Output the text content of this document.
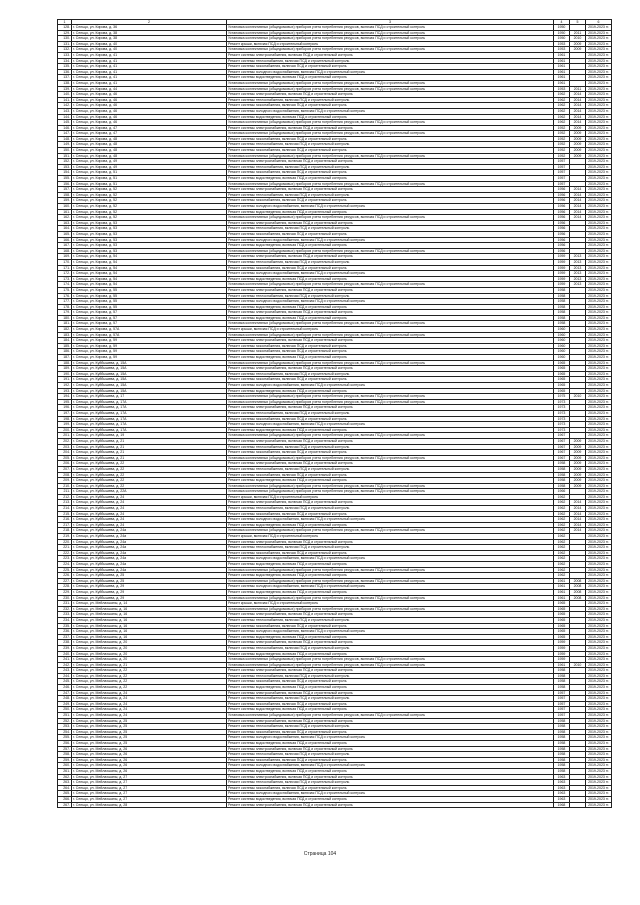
1	2	3	4	5	6
128.	г. Сельцо, ул. Кирова, д. 36	Установка коллективных (общедомовых) приборов учета потребления ресурсов, включая ПСД и строительный контроль	1950		2019-2023 гг.
129.	г. Сельцо, ул. Кирова, д. 38	Установка коллективных (общедомовых) приборов учета потребления ресурсов, включая ПСД и строительный контроль	1950	2011	2019-2023 гг.
130.	г. Сельцо, ул. Кирова, д. 38	Установка коллективных (общедомовых) приборов учета потребления ресурсов, включая ПСД и строительный контроль	1950	2010	2019-2023 гг.
131.	г. Сельцо, ул. Кирова, д. 40	Ремонт крыши, включая ПСД и строительный контроль	1953	2009	2019-2023 гг.
132.	г. Сельцо, ул. Кирова, д. 40	Установка коллективных (общедомовых) приборов учета потребления ресурсов, включая ПСД и строительный контроль	1953	2009	2019-2023 гг.
133.	г. Сельцо, ул. Кирова, д. 41	Ремонт системы электроснабжения, включая ПСД и строительный контроль	1961		2019-2023 гг.
134.	г. Сельцо, ул. Кирова, д. 41	Ремонт системы теплоснабжения, включая ПСД и строительный контроль	1961		2019-2023 гг.
135.	г. Сельцо, ул. Кирова, д. 41	Ремонт системы газоснабжения, включая ПСД и строительный контроль	1961		2019-2023 гг.
136.	г. Сельцо, ул. Кирова, д. 41	Ремонт системы холодного водоснабжения, включая ПСД и строительный контроль	1961		2019-2023 гг.
137.	г. Сельцо, ул. Кирова, д. 41	Ремонт системы водоотведения, включая ПСД и строительный контроль	1961		2019-2023 гг.
138.	г. Сельцо, ул. Кирова, д. 41	Установка коллективных (общедомовых) приборов учета потребления ресурсов, включая ПСД и строительный контроль	1961		2019-2023 гг.
139.	г. Сельцо, ул. Кирова, д. 44	Установка коллективных (общедомовых) приборов учета потребления ресурсов, включая ПСД и строительный контроль	1953	2011	2019-2023 гг.
140.	г. Сельцо, ул. Кирова, д. 46	Ремонт системы электроснабжения, включая ПСД и строительный контроль	1962	2014	2019-2023 гг.
141.	г. Сельцо, ул. Кирова, д. 46	Ремонт системы теплоснабжения, включая ПСД и строительный контроль	1962	2014	2019-2023 гг.
142.	г. Сельцо, ул. Кирова, д. 46	Ремонт системы газоснабжения, включая ПСД и строительный контроль	1962	2014	2019-2023 гг.
143.	г. Сельцо, ул. Кирова, д. 46	Ремонт системы холодного водоснабжения, включая ПСД и строительный контроль	1962	2014	2019-2023 гг.
144.	г. Сельцо, ул. Кирова, д. 46	Ремонт системы водоотведения, включая ПСД и строительный контроль	1962	2014	2019-2023 гг.
145.	г. Сельцо, ул. Кирова, д. 46	Установка коллективных (общедомовых) приборов учета потребления ресурсов, включая ПСД и строительный контроль	1962	2014	2019-2023 гг.
146.	г. Сельцо, ул. Кирова, д. 47	Ремонт системы электроснабжения, включая ПСД и строительный контроль	1952	2009	2019-2023 гг.
147.	г. Сельцо, ул. Кирова, д. 47	Установка коллективных (общедомовых) приборов учета потребления ресурсов, включая ПСД и строительный контроль	1952	2009	2019-2023 гг.
148.	г. Сельцо, ул. Кирова, д. 48	Ремонт системы газоснабжения, включая ПСД и строительный контроль	1952	2009	2019-2023 гг.
149.	г. Сельцо, ул. Кирова, д. 48	Ремонт системы теплоснабжения, включая ПСД и строительный контроль	1952	2009	2019-2023 гг.
150.	г. Сельцо, ул. Кирова, д. 48	Ремонт системы газоснабжения, включая ПСД и строительный контроль	1952	2009	2019-2023 гг.
151.	г. Сельцо, ул. Кирова, д. 48	Установка коллективных (общедомовых) приборов учета потребления ресурсов, включая ПСД и строительный контроль	1952	2009	2019-2023 гг.
152.	г. Сельцо, ул. Кирова, д. 49	Ремонт системы электроснабжения, включая ПСД и строительный контроль	1957		2019-2023 гг.
153.	г. Сельцо, ул. Кирова, д. 49	Ремонт системы теплоснабжения, включая ПСД и строительный контроль	1957		2019-2023 гг.
154.	г. Сельцо, ул. Кирова, д. 51	Ремонт системы газоснабжения, включая ПСД и строительный контроль	1957		2019-2023 гг.
155.	г. Сельцо, ул. Кирова, д. 51	Ремонт системы водоотведения, включая ПСД и строительный контроль	1957		2019-2023 гг.
156.	г. Сельцо, ул. Кирова, д. 51	Установка коллективных (общедомовых) приборов учета потребления ресурсов, включая ПСД и строительный контроль	1957		2019-2023 гг.
157.	г. Сельцо, ул. Кирова, д. 52	Ремонт системы электроснабжения, включая ПСД и строительный контроль	1956	2014	2019-2023 гг.
158.	г. Сельцо, ул. Кирова, д. 52	Ремонт системы теплоснабжения, включая ПСД и строительный контроль	1956	2014	2019-2023 гг.
159.	г. Сельцо, ул. Кирова, д. 52	Ремонт системы газоснабжения, включая ПСД и строительный контроль	1956	2014	2019-2023 гг.
160.	г. Сельцо, ул. Кирова, д. 52	Ремонт системы холодного водоснабжения, включая ПСД и строительный контроль	1956	2014	2019-2023 гг.
161.	г. Сельцо, ул. Кирова, д. 52	Ремонт системы водоотведения, включая ПСД и строительный контроль	1956	2014	2019-2023 гг.
162.	г. Сельцо, ул. Кирова, д. 52	Установка коллективных (общедомовых) приборов учета потребления ресурсов, включая ПСД и строительный контроль	1956	2014	2019-2023 гг.
163.	г. Сельцо, ул. Кирова, д. 53	Ремонт системы электроснабжения, включая ПСД и строительный контроль	1956		2019-2023 гг.
164.	г. Сельцо, ул. Кирова, д. 53	Ремонт системы теплоснабжения, включая ПСД и строительный контроль	1956		2019-2023 гг.
165.	г. Сельцо, ул. Кирова, д. 53	Ремонт системы газоснабжения, включая ПСД и строительный контроль	1956		2019-2023 гг.
166.	г. Сельцо, ул. Кирова, д. 53	Ремонт системы холодного водоснабжения, включая ПСД и строительный контроль	1956		2019-2023 гг.
167.	г. Сельцо, ул. Кирова, д. 53	Ремонт системы водоотведения, включая ПСД и строительный контроль	1956		2019-2023 гг.
168.	г. Сельцо, ул. Кирова, д. 53	Установка коллективных (общедомовых) приборов учета потребления ресурсов, включая ПСД и строительный контроль	1956		2019-2023 гг.
169.	г. Сельцо, ул. Кирова, д. 54	Ремонт системы электроснабжения, включая ПСД и строительный контроль	1959	2013	2019-2023 гг.
170.	г. Сельцо, ул. Кирова, д. 54	Ремонт системы теплоснабжения, включая ПСД и строительный контроль	1959	2013	2019-2023 гг.
171.	г. Сельцо, ул. Кирова, д. 54	Ремонт системы газоснабжения, включая ПСД и строительный контроль	1959	2013	2019-2023 гг.
172.	г. Сельцо, ул. Кирова, д. 54	Ремонт системы холодного водоснабжения, включая ПСД и строительный контроль	1959	2013	2019-2023 гг.
173.	г. Сельцо, ул. Кирова, д. 54	Ремонт системы водоотведения, включая ПСД и строительный контроль	1959	2013	2019-2023 гг.
174.	г. Сельцо, ул. Кирова, д. 54	Установка коллективных (общедомовых) приборов учета потребления ресурсов, включая ПСД и строительный контроль	1959	2013	2019-2023 гг.
175.	г. Сельцо, ул. Кирова, д. 55	Ремонт системы электроснабжения, включая ПСД и строительный контроль	1958		2019-2023 гг.
176.	г. Сельцо, ул. Кирова, д. 55	Ремонт системы теплоснабжения, включая ПСД и строительный контроль	1958		2019-2023 гг.
177.	г. Сельцо, ул. Кирова, д. 55	Ремонт системы холодного водоснабжения, включая ПСД и строительный контроль	1958		2019-2023 гг.
178.	г. Сельцо, ул. Кирова, д. 55	Ремонт системы водоотведения, включая ПСД и строительный контроль	1958		2019-2023 гг.
179.	г. Сельцо, ул. Кирова, д. 57	Ремонт системы электроснабжения, включая ПСД и строительный контроль	1958		2019-2023 гг.
180.	г. Сельцо, ул. Кирова, д. 57	Ремонт системы водоотведения, включая ПСД и строительный контроль	1958		2019-2023 гг.
181.	г. Сельцо, ул. Кирова, д. 57	Установка коллективных (общедомовых) приборов учета потребления ресурсов, включая ПСД и строительный контроль	1958		2019-2023 гг.
182.	г. Сельцо, ул. Кирова, д. 57А	Ремонт крыши, включая ПСД и строительный контроль	1960		2019-2023 гг.
183.	г. Сельцо, ул. Кирова, д. 57А	Установка коллективных (общедомовых) приборов учета потребления ресурсов, включая ПСД и строительный контроль	1960		2019-2023 гг.
184.	г. Сельцо, ул. Кирова, д. 59	Ремонт системы электроснабжения, включая ПСД и строительный контроль	1960		2019-2023 гг.
185.	г. Сельцо, ул. Кирова, д. 59	Ремонт системы газоснабжения, включая ПСД и строительный контроль	1960		2019-2023 гг.
186.	г. Сельцо, ул. Кирова, д. 59	Ремонт системы газоснабжения, включая ПСД и строительный контроль	1960		2019-2023 гг.
187.	г. Сельцо, ул. Кирова, д. 59	Ремонт системы водоотведения, включая ПСД и строительный контроль	1960		2019-2023 гг.
188.	г. Сельцо, ул. Куйбышева, д. 15А	Установка коллективных (общедомовых) приборов учета потребления ресурсов, включая ПСД и строительный контроль	1965		2019-2023 гг.
189.	г. Сельцо, ул. Куйбышева, д. 15А	Ремонт системы электроснабжения, включая ПСД и строительный контроль	1965		2019-2023 гг.
190.	г. Сельцо, ул. Куйбышева, д. 15А	Ремонт системы теплоснабжения, включая ПСД и строительный контроль	1965		2019-2023 гг.
191.	г. Сельцо, ул. Куйбышева, д. 15А	Ремонт системы газоснабжения, включая ПСД и строительный контроль	1965		2019-2023 гг.
192.	г. Сельцо, ул. Куйбышева, д. 15А	Ремонт системы холодного водоснабжения, включая ПСД и строительный контроль	1965		2019-2023 гг.
193.	г. Сельцо, ул. Куйбышева, д. 15А	Ремонт системы водоотведения, включая ПСД и строительный контроль	1965		2019-2023 гг.
194.	г. Сельцо, ул. Куйбышева, д. 17	Установка коллективных (общедомовых) приборов учета потребления ресурсов, включая ПСД и строительный контроль	1975	2010	2019-2023 гг.
195.	г. Сельцо, ул. Куйбышева, д. 17А	Установка коллективных (общедомовых) приборов учета потребления ресурсов, включая ПСД и строительный контроль	1973		2019-2023 гг.
196.	г. Сельцо, ул. Куйбышева, д. 17А	Ремонт системы электроснабжения, включая ПСД и строительный контроль	1973		2019-2023 гг.
197.	г. Сельцо, ул. Куйбышева, д. 17А	Ремонт системы теплоснабжения, включая ПСД и строительный контроль	1973		2019-2023 гг.
198.	г. Сельцо, ул. Куйбышева, д. 17А	Ремонт системы газоснабжения, включая ПСД и строительный контроль	1973		2019-2023 гг.
199.	г. Сельцо, ул. Куйбышева, д. 17А	Ремонт системы холодного водоснабжения, включая ПСД и строительный контроль	1973		2019-2023 гг.
200.	г. Сельцо, ул. Куйбышева, д. 17А	Ремонт системы водоотведения, включая ПСД и строительный контроль	1973		2019-2023 гг.
201.	г. Сельцо, ул. Куйбышева, д. 19	Установка коллективных (общедомовых) приборов учета потребления ресурсов, включая ПСД и строительный контроль	1967		2019-2023 гг.
202.	г. Сельцо, ул. Куйбышева, д. 21	Ремонт системы электроснабжения, включая ПСД и строительный контроль	1967	2009	2019-2023 гг.
203.	г. Сельцо, ул. Куйбышева, д. 21	Ремонт системы теплоснабжения, включая ПСД и строительный контроль	1967	2009	2019-2023 гг.
204.	г. Сельцо, ул. Куйбышева, д. 21	Ремонт системы газоснабжения, включая ПСД и строительный контроль	1967	2009	2019-2023 гг.
205.	г. Сельцо, ул. Куйбышева, д. 21	Установка коллективных (общедомовых) приборов учета потребления ресурсов, включая ПСД и строительный контроль	1967	2009	2019-2023 гг.
206.	г. Сельцо, ул. Куйбышева, д. 22	Ремонт системы электроснабжения, включая ПСД и строительный контроль	1958	2009	2019-2023 гг.
207.	г. Сельцо, ул. Куйбышева, д. 22	Ремонт системы теплоснабжения, включая ПСД и строительный контроль	1958	2009	2019-2023 гг.
208.	г. Сельцо, ул. Куйбышева, д. 22	Ремонт системы газоснабжения, включая ПСД и строительный контроль	1958	2009	2019-2023 гг.
209.	г. Сельцо, ул. Куйбышева, д. 22	Ремонт системы водоотведения, включая ПСД и строительный контроль	1958	2009	2019-2023 гг.
210.	г. Сельцо, ул. Куйбышева, д. 22	Установка коллективных (общедомовых) приборов учета потребления ресурсов, включая ПСД и строительный контроль	1958	2009	2019-2023 гг.
211.	г. Сельцо, ул. Куйбышева, д. 22А	Установка коллективных (общедомовых) приборов учета потребления ресурсов, включая ПСД и строительный контроль	1966		2019-2023 гг.
212.	г. Сельцо, ул. Куйбышева, д. 24	Ремонт крыши, включая ПСД и строительный контроль	1962		2019-2023 гг.
213.	г. Сельцо, ул. Куйбышева, д. 24	Ремонт системы электроснабжения, включая ПСД и строительный контроль	1962	2014	2019-2023 гг.
214.	г. Сельцо, ул. Куйбышева, д. 24	Ремонт системы теплоснабжения, включая ПСД и строительный контроль	1962	2014	2019-2023 гг.
215.	г. Сельцо, ул. Куйбышева, д. 24	Ремонт системы газоснабжения, включая ПСД и строительный контроль	1962	2014	2019-2023 гг.
216.	г. Сельцо, ул. Куйбышева, д. 24	Ремонт системы холодного водоснабжения, включая ПСД и строительный контроль	1962	2014	2019-2023 гг.
217.	г. Сельцо, ул. Куйбышева, д. 24	Ремонт системы водоотведения, включая ПСД и строительный контроль	1962	2014	2019-2023 гг.
218.	г. Сельцо, ул. Куйбышева, д. 24а	Установка коллективных (общедомовых) приборов учета потребления ресурсов, включая ПСД и строительный контроль	1962	2014	2019-2023 гг.
219.	г. Сельцо, ул. Куйбышева, д. 24а	Ремонт крыши, включая ПСД и строительный контроль	1962		2019-2023 гг.
220.	г. Сельцо, ул. Куйбышева, д. 24а	Ремонт системы электроснабжения, включая ПСД и строительный контроль	1962		2019-2023 гг.
221.	г. Сельцо, ул. Куйбышева, д. 24а	Ремонт системы теплоснабжения, включая ПСД и строительный контроль	1962		2019-2023 гг.
222.	г. Сельцо, ул. Куйбышева, д. 24а	Ремонт системы газоснабжения, включая ПСД и строительный контроль	1962		2019-2023 гг.
223.	г. Сельцо, ул. Куйбышева, д. 24а	Ремонт системы холодного водоснабжения, включая ПСД и строительный контроль	1962		2019-2023 гг.
224.	г. Сельцо, ул. Куйбышева, д. 24а	Ремонт системы водоотведения, включая ПСД и строительный контроль	1962		2019-2023 гг.
225.	г. Сельцо, ул. Куйбышева, д. 24а	Установка коллективных (общедомовых) приборов учета потребления ресурсов, включая ПСД и строительный контроль	1962		2019-2023 гг.
226.	г. Сельцо, ул. Куйбышева, д. 25	Ремонт системы водоотведения, включая ПСД и строительный контроль	1962		2019-2023 гг.
227.	г. Сельцо, ул. Куйбышева, д. 25	Установка коллективных (общедомовых) приборов учета потребления ресурсов, включая ПСД и строительный контроль	1961	2008	2019-2023 гг.
228.	г. Сельцо, ул. Куйбышева, д. 29	Ремонт системы холодного водоснабжения, включая ПСД и строительный контроль	1961	2008	2019-2023 гг.
229.	г. Сельцо, ул. Куйбышева, д. 29	Ремонт системы водоотведения, включая ПСД и строительный контроль	1961	2008	2019-2023 гг.
230.	г. Сельцо, ул. Куйбышева, д. 29	Установка коллективных (общедомовых) приборов учета потребления ресурсов, включая ПСД и строительный контроль	1961	2008	2019-2023 гг.
231.	г. Сельцо, ул. Мейлахшаны, д. 14	Ремонт крыши, включая ПСД и строительный контроль	1965		2019-2023 гг.
232.	г. Сельцо, ул. Мейлахшаны, д. 16	Установка коллективных (общедомовых) приборов учета потребления ресурсов, включая ПСД и строительный контроль	1965		2019-2023 гг.
233.	г. Сельцо, ул. Мейлахшаны, д. 16	Ремонт системы электроснабжения, включая ПСД и строительный контроль	1965		2019-2023 гг.
234.	г. Сельцо, ул. Мейлахшаны, д. 16	Ремонт системы теплоснабжения, включая ПСД и строительный контроль	1965		2019-2023 гг.
235.	г. Сельцо, ул. Мейлахшаны, д. 16	Ремонт системы газоснабжения, включая ПСД и строительный контроль	1965		2019-2023 гг.
236.	г. Сельцо, ул. Мейлахшаны, д. 16	Ремонт системы холодного водоснабжения, включая ПСД и строительный контроль	1965		2019-2023 гг.
237.	г. Сельцо, ул. Мейлахшаны, д. 16	Ремонт системы водоотведения, включая ПСД и строительный контроль	1965		2019-2023 гг.
238.	г. Сельцо, ул. Мейлахшаны, д. 20	Ремонт системы электроснабжения, включая ПСД и строительный контроль	1959		2019-2023 гг.
239.	г. Сельцо, ул. Мейлахшаны, д. 20	Ремонт системы теплоснабжения, включая ПСД и строительный контроль	1959		2019-2023 гг.
240.	г. Сельцо, ул. Мейлахшаны, д. 20	Ремонт системы водоотведения, включая ПСД и строительный контроль	1959		2019-2023 гг.
241.	г. Сельцо, ул. Мейлахшаны, д. 20	Установка коллективных (общедомовых) приборов учета потребления ресурсов, включая ПСД и строительный контроль	1959		2019-2023 гг.
242.	г. Сельцо, ул. Мейлахшаны, д. 21	Установка коллективных (общедомовых) приборов учета потребления ресурсов, включая ПСД и строительный контроль	1961	2010	2019-2023 гг.
243.	г. Сельцо, ул. Мейлахшаны, д. 22	Ремонт системы электроснабжения, включая ПСД и строительный контроль	1958		2019-2023 гг.
244.	г. Сельцо, ул. Мейлахшаны, д. 22	Ремонт системы теплоснабжения, включая ПСД и строительный контроль	1958		2019-2023 гг.
245.	г. Сельцо, ул. Мейлахшаны, д. 22	Ремонт системы газоснабжения, включая ПСД и строительный контроль	1958		2019-2023 гг.
246.	г. Сельцо, ул. Мейлахшаны, д. 22	Ремонт системы водоотведения, включая ПСД и строительный контроль	1958		2019-2023 гг.
247.	г. Сельцо, ул. Мейлахшаны, д. 24	Ремонт системы электроснабжения, включая ПСД и строительный контроль	1957		2019-2023 гг.
248.	г. Сельцо, ул. Мейлахшаны, д. 24	Ремонт системы теплоснабжения, включая ПСД и строительный контроль	1957		2019-2023 гг.
249.	г. Сельцо, ул. Мейлахшаны, д. 24	Ремонт системы газоснабжения, включая ПСД и строительный контроль	1957		2019-2023 гг.
250.	г. Сельцо, ул. Мейлахшаны, д. 24	Ремонт системы водоотведения, включая ПСД и строительный контроль	1957		2019-2023 гг.
251.	г. Сельцо, ул. Мейлахшаны, д. 24	Установка коллективных (общедомовых) приборов учета потребления ресурсов, включая ПСД и строительный контроль	1957		2019-2023 гг.
252.	г. Сельцо, ул. Мейлахшаны, д. 25	Ремонт системы электроснабжения, включая ПСД и строительный контроль	1958		2019-2023 гг.
253.	г. Сельцо, ул. Мейлахшаны, д. 25	Ремонт системы теплоснабжения, включая ПСД и строительный контроль	1958		2019-2023 гг.
254.	г. Сельцо, ул. Мейлахшаны, д. 25	Ремонт системы газоснабжения, включая ПСД и строительный контроль	1958		2019-2023 гг.
255.	г. Сельцо, ул. Мейлахшаны, д. 25	Ремонт системы холодного водоснабжения, включая ПСД и строительный контроль	1958		2019-2023 гг.
256.	г. Сельцо, ул. Мейлахшаны, д. 25	Ремонт системы водоотведения, включая ПСД и строительный контроль	1958		2019-2023 гг.
257.	г. Сельцо, ул. Мейлахшаны, д. 26	Ремонт системы электроснабжения, включая ПСД и строительный контроль	1958		2019-2023 гг.
258.	г. Сельцо, ул. Мейлахшаны, д. 26	Ремонт системы теплоснабжения, включая ПСД и строительный контроль	1958		2019-2023 гг.
259.	г. Сельцо, ул. Мейлахшаны, д. 26	Ремонт системы газоснабжения, включая ПСД и строительный контроль	1958		2019-2023 гг.
260.	г. Сельцо, ул. Мейлахшаны, д. 26	Ремонт системы холодного водоснабжения, включая ПСД и строительный контроль	1958		2019-2023 гг.
261.	г. Сельцо, ул. Мейлахшаны, д. 26	Ремонт системы водоотведения, включая ПСД и строительный контроль	1958		2019-2023 гг.
262.	г. Сельцо, ул. Мейлахшаны, д. 27	Ремонт системы электроснабжения, включая ПСД и строительный контроль	1963		2019-2023 гг.
263.	г. Сельцо, ул. Мейлахшаны, д. 27	Ремонт системы теплоснабжения, включая ПСД и строительный контроль	1963		2019-2023 гг.
264.	г. Сельцо, ул. Мейлахшаны, д. 27	Ремонт системы газоснабжения, включая ПСД и строительный контроль	1963		2019-2023 гг.
265.	г. Сельцо, ул. Мейлахшаны, д. 27	Ремонт системы холодного водоснабжения, включая ПСД и строительный контроль	1963		2019-2023 гг.
266.	г. Сельцо, ул. Мейлахшаны, д. 27	Ремонт системы водоотведения, включая ПСД и строительный контроль	1963		2019-2023 гг.
267.	г. Сельцо, ул. Мейлахшаны, д. 28	Ремонт системы электроснабжения, включая ПСД и строительный контроль	1968		2019-2023 гг.
Страница 104
